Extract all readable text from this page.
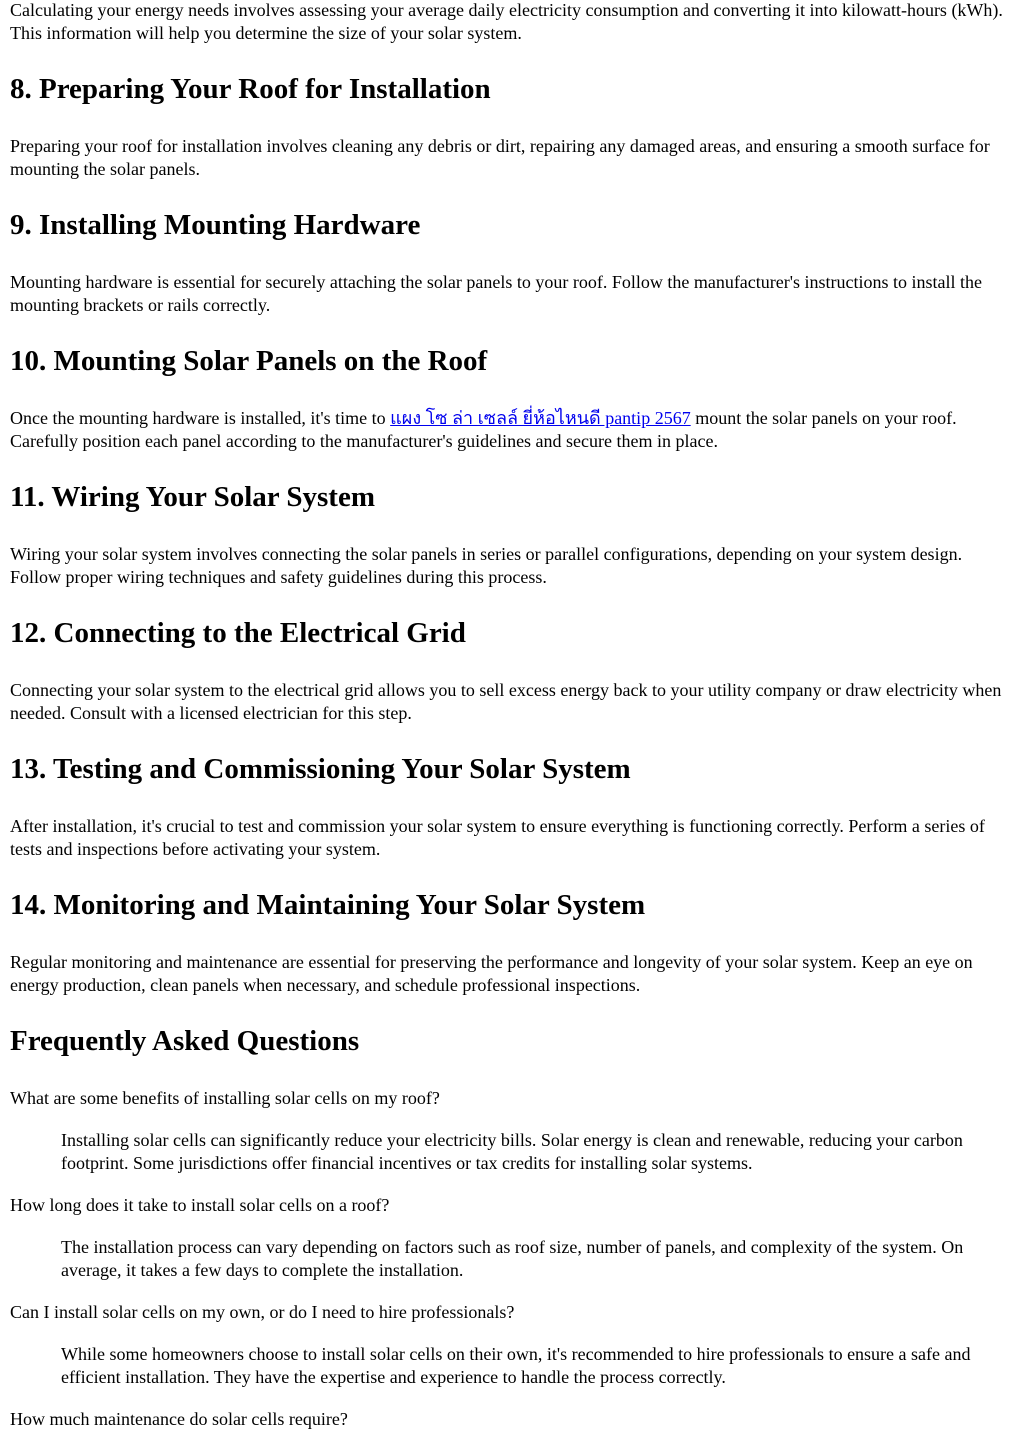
Calculating your energy needs involves assessing your average daily electricity consumption and converting it into kilowatt-hours (kWh). This information will help you determine the size of your solar system.

8. Preparing Your Roof for Installation

Preparing your roof for installation involves cleaning any debris or dirt, repairing any damaged areas, and ensuring a smooth surface for mounting the solar panels.

9. Installing Mounting Hardware

Mounting hardware is essential for securely attaching the solar panels to your roof. Follow the manufacturer's instructions to install the mounting brackets or rails correctly.

10. Mounting Solar Panels on the Roof

Once the mounting hardware is installed, it's time to แผง โซ ล่า เซลล์ ยี่ห้อไหนดี pantip 2567 mount the solar panels on your roof. Carefully position each panel according to the manufacturer's guidelines and secure them in place.

11. Wiring Your Solar System

Wiring your solar system involves connecting the solar panels in series or parallel configurations, depending on your system design. Follow proper wiring techniques and safety guidelines during this process.

12. Connecting to the Electrical Grid

Connecting your solar system to the electrical grid allows you to sell excess energy back to your utility company or draw electricity when needed. Consult with a licensed electrician for this step.

13. Testing and Commissioning Your Solar System

After installation, it's crucial to test and commission your solar system to ensure everything is functioning correctly. Perform a series of tests and inspections before activating your system.

14. Monitoring and Maintaining Your Solar System

Regular monitoring and maintenance are essential for preserving the performance and longevity of your solar system. Keep an eye on energy production, clean panels when necessary, and schedule professional inspections.

Frequently Asked Questions
What are some benefits of installing solar cells on my roof?
Installing solar cells can significantly reduce your electricity bills. Solar energy is clean and renewable, reducing your carbon footprint. Some jurisdictions offer financial incentives or tax credits for installing solar systems.
How long does it take to install solar cells on a roof?
The installation process can vary depending on factors such as roof size, number of panels, and complexity of the system. On average, it takes a few days to complete the installation.
Can I install solar cells on my own, or do I need to hire professionals?
While some homeowners choose to install solar cells on their own, it's recommended to hire professionals to ensure a safe and efficient installation. They have the expertise and experience to handle the process correctly.
How much maintenance do solar cells require?
